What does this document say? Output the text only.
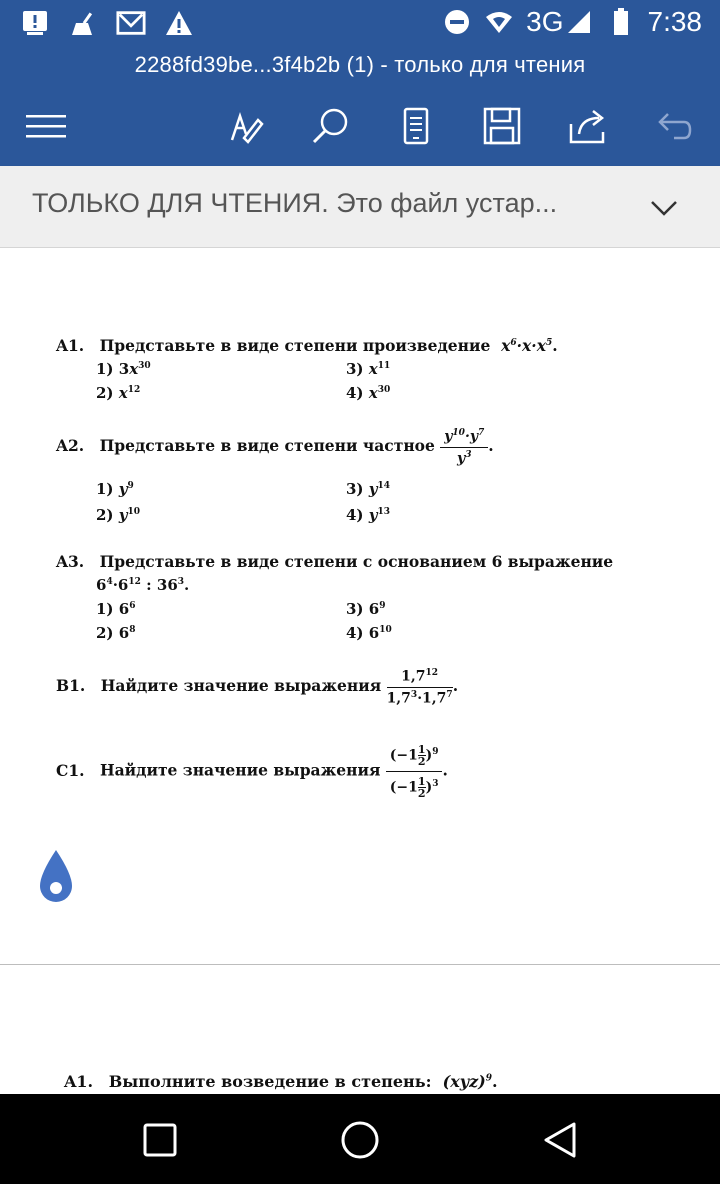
3G	7:38
2288fd39be...3f4b2b (1) - только для чтения
ТОЛЬКО ДЛЯ ЧТЕНИЯ. Это файл устар...
A1. Представьте в виде степени произведение  $x^6\cdot x\cdot x^5$.
1) $3x^{30}$	3) $x^{11}$
2) $x^{12}$	4) $x^{30}$
A2. Представьте в виде степени частное $\frac{y^{10}\cdot y^7}{y^3}$ .
1) $y^9$	3) $y^{14}$
2) $y^{10}$	4) $y^{13}$
A3. Представьте в виде степени с основанием 6 выражение
$6^4\cdot 6^{12}$ : $36^3$.
1) $6^6$	3) $6^9$
2) $6^8$	4) $6^{10}$
B1. Найдите значение выражения $\frac{1,7^{12}}{1,7^3\cdot 1,7^7}$ .
C1. Найдите значение выражения $\frac{(-1 \frac{1}{2} )^9}{(-1 \frac{1}{2} )^3}$ .
A1. Выполните возведение в степень:  (xyz)$^9$.
